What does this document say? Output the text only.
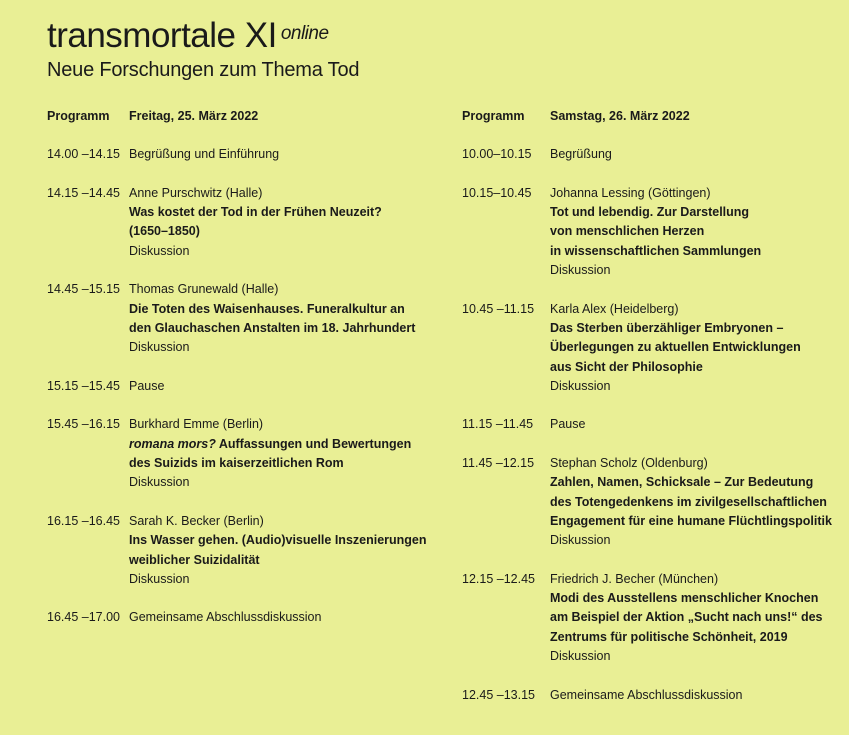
transmortale XI $^{online}$
Neue Forschungen zum Thema Tod
Programm	Freitag, 25. März 2022
14.00 –14.15 Begrüßung und Einführung
14.15 –14.45 Anne Purschwitz (Halle)
Was kostet der Tod in der Frühen Neuzeit?
(1650–1850)
Diskussion
14.45 –15.15 Thomas Grunewald (Halle)
Die Toten des Waisenhauses. Funeralkultur an
den Glauchaschen Anstalten im 18. Jahrhundert
Diskussion
15.15 –15.45 Pause
15.45 –16.15 Burkhard Emme (Berlin)
romana mors? Auffassungen und Bewertungen
des Suizids im kaiserzeitlichen Rom
Diskussion
16.15 –16.45 Sarah K. Becker (Berlin)
Ins Wasser gehen. (Audio)visuelle Inszenierungen
weiblicher Suizidalität
Diskussion
16.45 –17.00 Gemeinsame Abschlussdiskussion
Programm	Samstag, 26. März 2022
10.00–10.15	Begrüßung
10.15–10.45	Johanna Lessing (Göttingen)
Tot und lebendig. Zur Darstellung
von menschlichen Herzen
in wissenschaftlichen Sammlungen
Diskussion
10.45 –11.15	Karla Alex (Heidelberg)
Das Sterben überzähliger Embryonen –
Überlegungen zu aktuellen Entwicklungen
aus Sicht der Philosophie
Diskussion
11.15 –11.45	Pause
11.45 –12.15	Stephan Scholz (Oldenburg)
Zahlen, Namen, Schicksale – Zur Bedeutung
des Totengedenkens im zivilgesellschaftlichen
Engagement für eine humane Flüchtlingspolitik
Diskussion
12.15 –12.45	Friedrich J. Becher (München)
Modi des Ausstellens menschlicher Knochen
am Beispiel der Aktion „Sucht nach uns!“ des
Zentrums für politische Schönheit, 2019
Diskussion
12.45 –13.15	Gemeinsame Abschlussdiskussion
